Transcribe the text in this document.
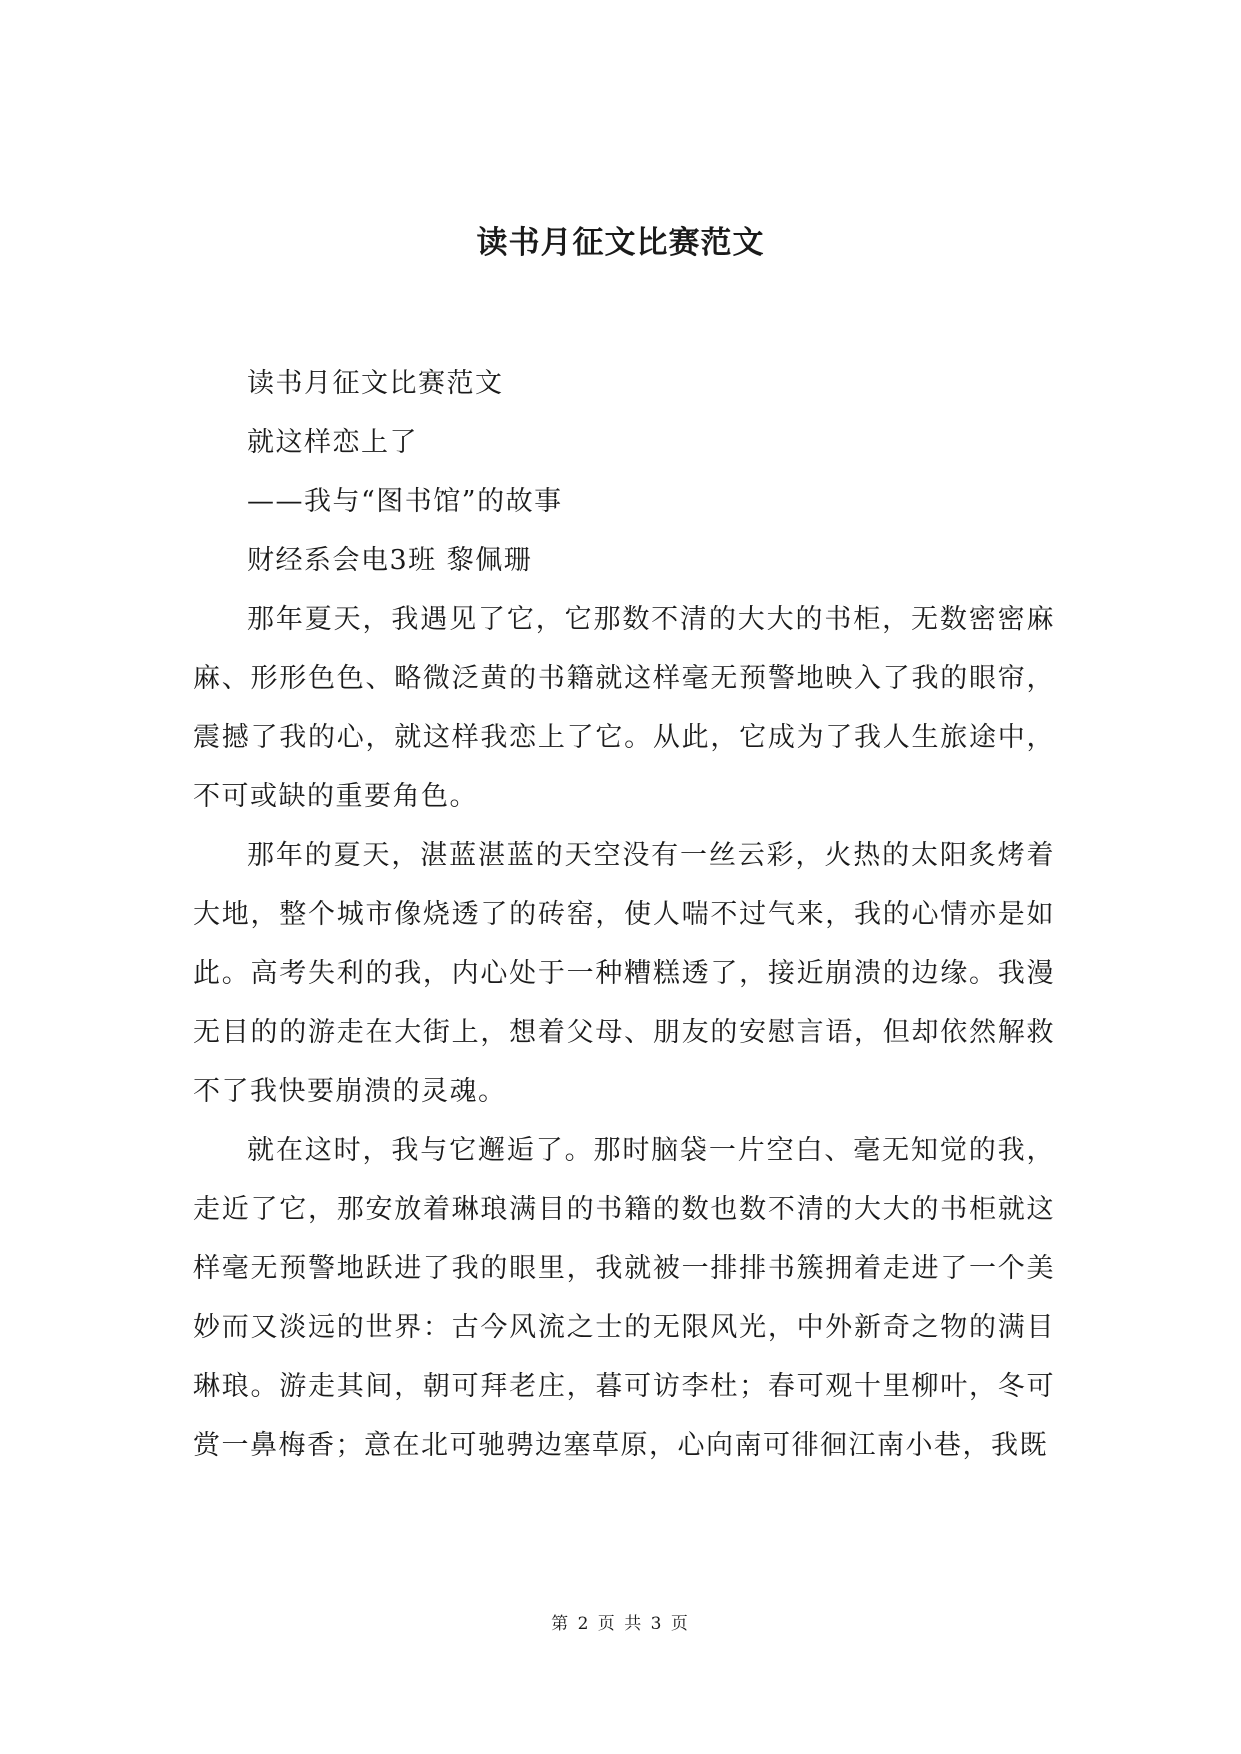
读书月征文比赛范文
读书月征文比赛范文
就这样恋上了
——我与“图书馆”的故事
财经系会电3班 黎佩珊

那年夏天，我遇见了它，它那数不清的大大的书柜，无数密密麻麻、形形色色、略微泛黄的书籍就这样毫无预警地映入了我的眼帘，震撼了我的心，就这样我恋上了它。从此，它成为了我人生旅途中，不可或缺的重要角色。

那年的夏天，湛蓝湛蓝的天空没有一丝云彩，火热的太阳炙烤着大地，整个城市像烧透了的砖窑，使人喘不过气来，我的心情亦是如此。高考失利的我，内心处于一种糟糕透了，接近崩溃的边缘。我漫无目的的游走在大街上，想着父母、朋友的安慰言语，但却依然解救不了我快要崩溃的灵魂。

就在这时，我与它邂逅了。那时脑袋一片空白、毫无知觉的我，走近了它，那安放着琳琅满目的书籍的数也数不清的大大的书柜就这样毫无预警地跃进了我的眼里，我就被一排排书簇拥着走进了一个美妙而又淡远的世界：古今风流之士的无限风光，中外新奇之物的满目琳琅。游走其间，朝可拜老庄，暮可访李杜；春可观十里柳叶，冬可赏一鼻梅香；意在北可驰骋边塞草原，心向南可徘徊江南小巷，我既

第 2 页 共 3 页
